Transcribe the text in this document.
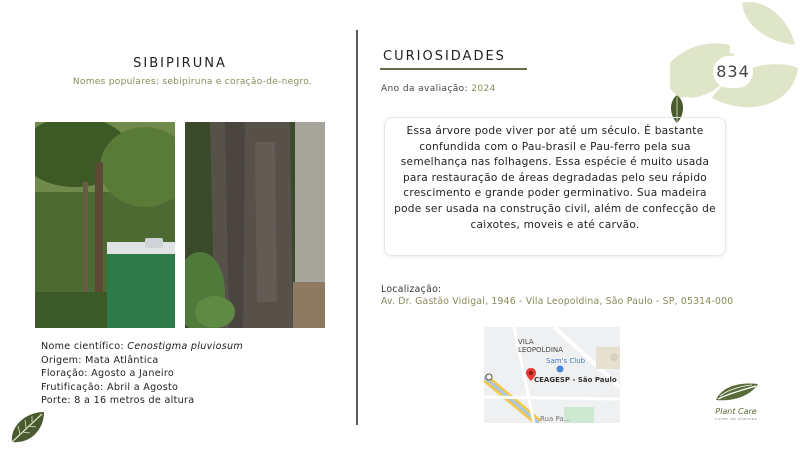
SIBIPIRUNA
Nomes populares: sebipiruna e coração-de-negro.
Nome científico: Cenostigma pluviosum
Origem: Mata Atlântica
Floração: Agosto a Janeiro
Frutificação: Abril a Agosto
Porte: 8 a 16 metros de altura
CURIOSIDADES
Ano da avaliação: 2024
Essa árvore pode viver por até um século. É bastante confundida com o Pau-brasil e Pau-ferro pela sua semelhança nas folhagens. Essa espécie é muito usada para restauração de áreas degradadas pelo seu rápido crescimento e grande poder germinativo. Sua madeira pode ser usada na construção civil, além de confecção de caixotes, moveis e até carvão.
Localização:
Av. Dr. Gastão Vidigal, 1946 - Vila Leopoldina, São Paulo - SP, 05314-000
VILA
LEOPOLDINA
Sam's Club
CEAGESP - São Paulo
Rua Pa...
834
Plant Care
cuide de plantas
